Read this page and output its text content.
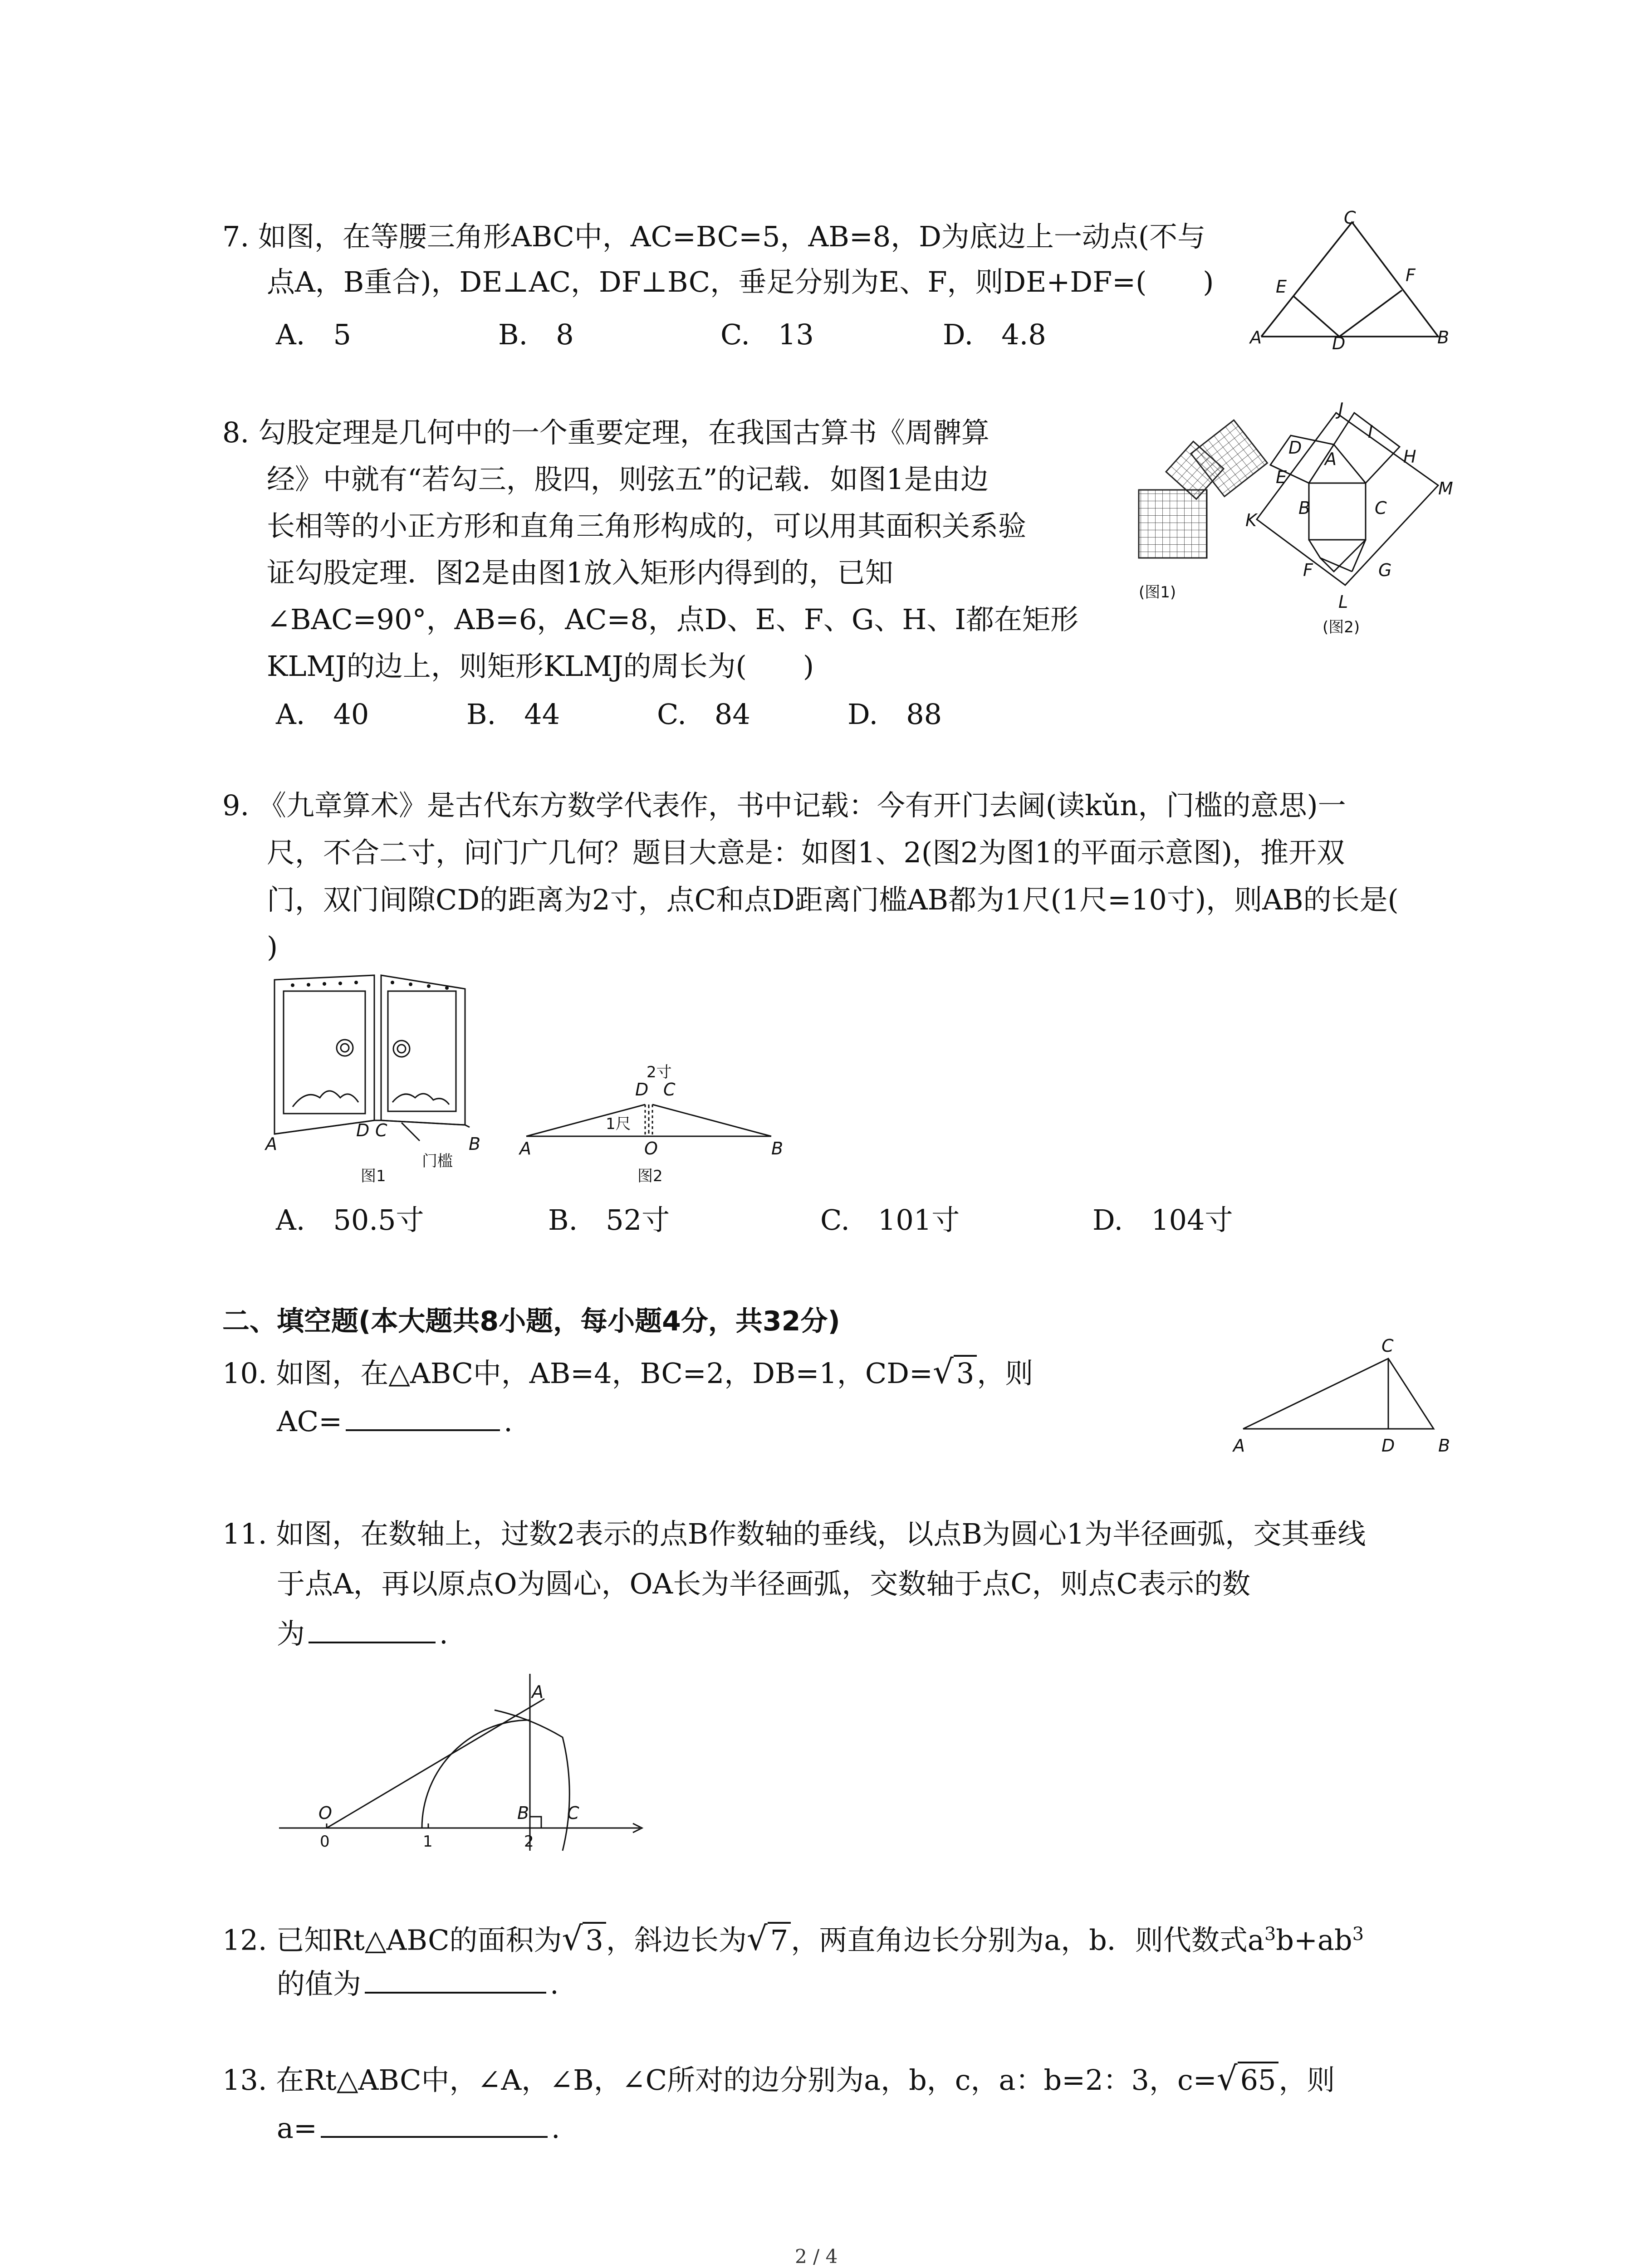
7. 如图，在等腰三角形ABC中，AC=BC=5，AB=8，D为底边上一动点(不与
点A，B重合)，DE⊥AC，DF⊥BC，垂足分别为E、F，则DE+DF=(　　)
A.　5	B.　8	C.　13	D.　4.8
C
E
F
A	D	B
8. 勾股定理是几何中的一个重要定理，在我国古算书《周髀算
经》中就有“若勾三，股四，则弦五”的记载．如图1是由边
长相等的小正方形和直角三角形构成的，可以用其面积关系验
证勾股定理．图2是由图1放入矩形内得到的，已知
∠BAC=90°，AB=6，AC=8，点D、E、F、G、H、I都在矩形
KLMJ的边上，则矩形KLMJ的周长为(　　)
A.　40	B.　44	C.　84	D.　88
(图1)
J
I
D
A	H
E
M
B	C
K
F	G
L
(图2)
9. 《九章算术》是古代东方数学代表作，书中记载：今有开门去阃(读kǔn，门槛的意思)一
尺，不合二寸，问门广几何？题目大意是：如图1、2(图2为图1的平面示意图)，推开双
门，双门间隙CD的距离为2寸，点C和点D距离门槛AB都为1尺(1尺=10寸)，则AB的长是(
)
A
D C
B
门槛
图1
2寸
D C
1尺
A	O	B
图2
A.　50.5寸	B.　52寸	C.　101寸	D.　104寸
二、填空题(本大题共8小题，每小题4分，共32分)
10. 如图，在△ABC中，AB=4，BC=2，DB=1，CD=√3，则
AC=	.
C
A	D	B
11. 如图，在数轴上，过数2表示的点B作数轴的垂线，以点B为圆心1为半径画弧，交其垂线
于点A，再以原点O为圆心，OA长为半径画弧，交数轴于点C，则点C表示的数
为	.
A
O	B C
0	1	2
12. 已知Rt△ABC的面积为√3，斜边长为√7，两直角边长分别为a，b．则代数式$a^3b+ab^3$
的值为	.
13. 在Rt△ABC中，∠A，∠B，∠C所对的边分别为a，b，c，a：b=2：3，c=√65，则
a=	.
2 / 4
